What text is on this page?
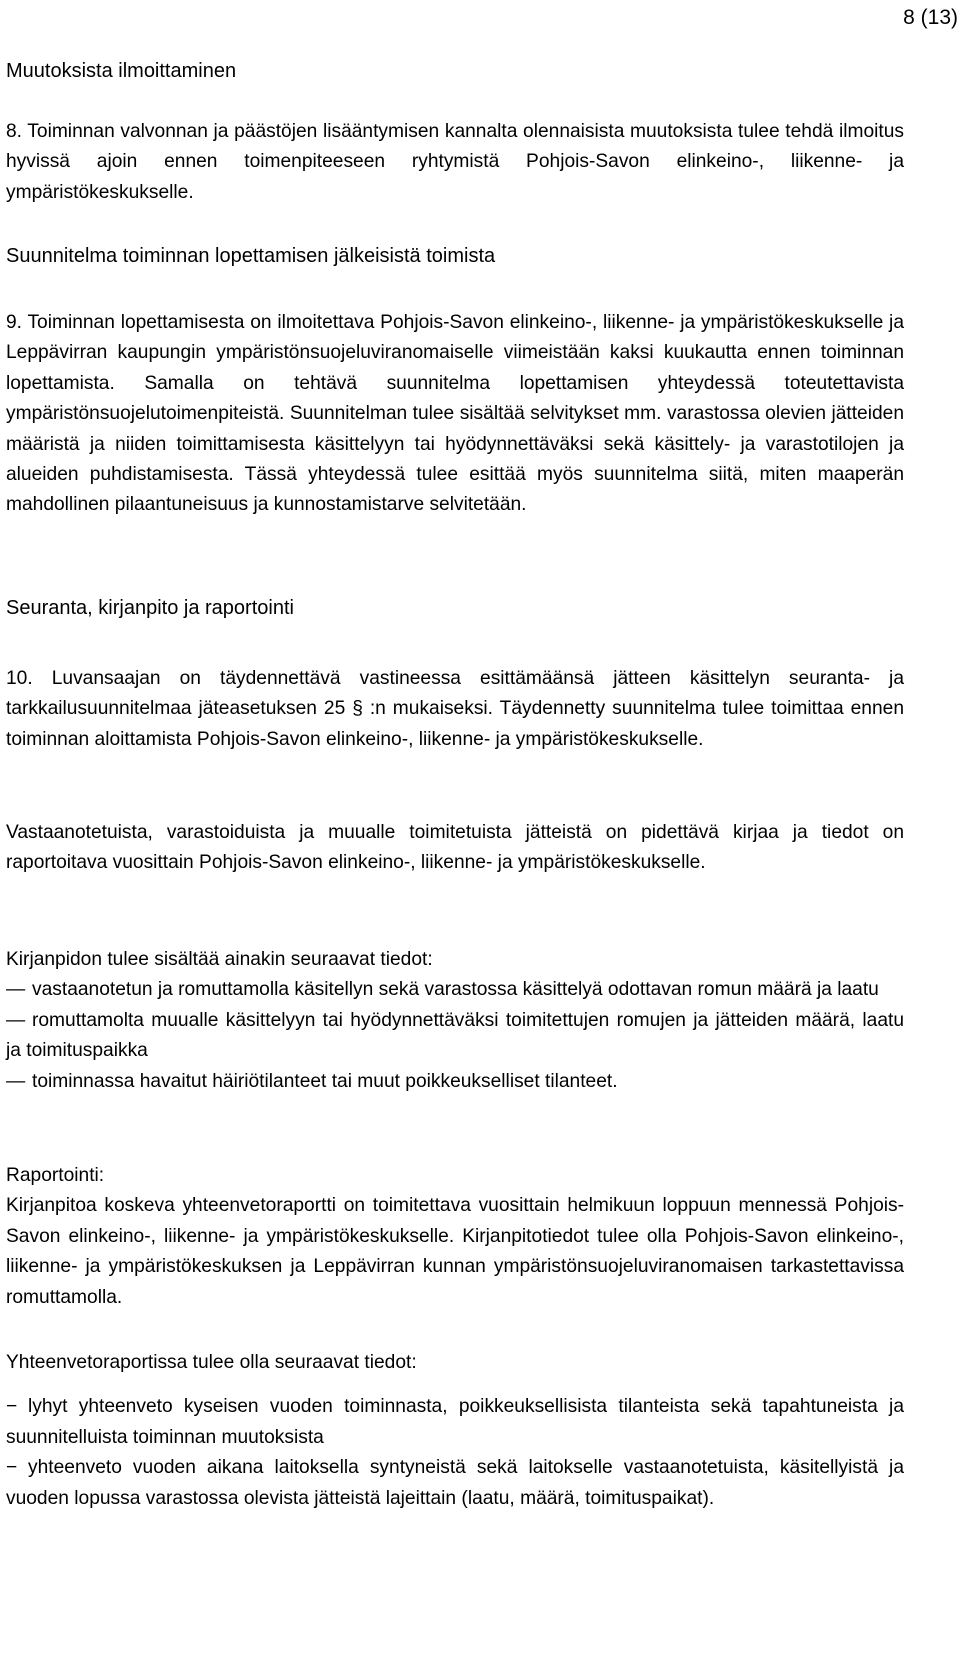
8 (13)
Muutoksista ilmoittaminen

8. Toiminnan valvonnan ja päästöjen lisääntymisen kannalta olennaisista muutoksista tulee tehdä ilmoitus hyvissä ajoin ennen toimenpiteeseen ryhtymistä Pohjois-Savon elinkeino-, liikenne- ja ympäristökeskukselle.

Suunnitelma toiminnan lopettamisen jälkeisistä toimista

9. Toiminnan lopettamisesta on ilmoitettava Pohjois-Savon elinkeino-, liikenne- ja ympäristökeskukselle ja Leppävirran kaupungin ympäristönsuojeluviranomaiselle viimeistään kaksi kuukautta ennen toiminnan lopettamista. Samalla on tehtävä suunnitelma lopettamisen yhteydessä toteutettavista ympäristönsuojelutoimenpiteistä. Suunnitelman tulee sisältää selvitykset mm. varastossa olevien jätteiden määristä ja niiden toimittamisesta käsittelyyn tai hyödynnettäväksi sekä käsittely- ja varastotilojen ja alueiden puhdistamisesta. Tässä yhteydessä tulee esittää myös suunnitelma siitä, miten maaperän mahdollinen pilaantuneisuus ja kunnostamistarve selvitetään.

Seuranta, kirjanpito ja raportointi

10. Luvansaajan on täydennettävä vastineessa esittämäänsä jätteen käsittelyn seuranta- ja tarkkailusuunnitelmaa jäteasetuksen 25 § :n mukaiseksi. Täydennetty suunnitelma tulee toimittaa ennen toiminnan aloittamista Pohjois-Savon elinkeino-, liikenne- ja ympäristökeskukselle.

Vastaanotetuista, varastoiduista ja muualle toimitetuista jätteistä on pidettävä kirjaa ja tiedot on raportoitava vuosittain Pohjois-Savon elinkeino-, liikenne- ja ympäristökeskukselle.

Kirjanpidon tulee sisältää ainakin seuraavat tiedot:

— vastaanotetun ja romuttamolla käsitellyn sekä varastossa käsittelyä odottavan romun määrä ja laatu

— romuttamolta muualle käsittelyyn tai hyödynnettäväksi toimitettujen romujen ja jätteiden määrä, laatu ja toimituspaikka

— toiminnassa havaitut häiriötilanteet tai muut poikkeukselliset tilanteet.

Raportointi:

Kirjanpitoa koskeva yhteenvetoraportti on toimitettava vuosittain helmikuun loppuun mennessä Pohjois-Savon elinkeino-, liikenne- ja ympäristökeskukselle. Kirjanpitotiedot tulee olla Pohjois-Savon elinkeino-, liikenne- ja ympäristökeskuksen ja Leppävirran kunnan ympäristönsuojeluviranomaisen tarkastettavissa romuttamolla.

Yhteenvetoraportissa tulee olla seuraavat tiedot:

− lyhyt yhteenveto kyseisen vuoden toiminnasta, poikkeuksellisista tilanteista sekä tapahtuneista ja suunnitelluista toiminnan muutoksista

− yhteenveto vuoden aikana laitoksella syntyneistä sekä laitokselle vastaanotetuista, käsitellyistä ja vuoden lopussa varastossa olevista jätteistä lajeittain (laatu, määrä, toimituspaikat).
